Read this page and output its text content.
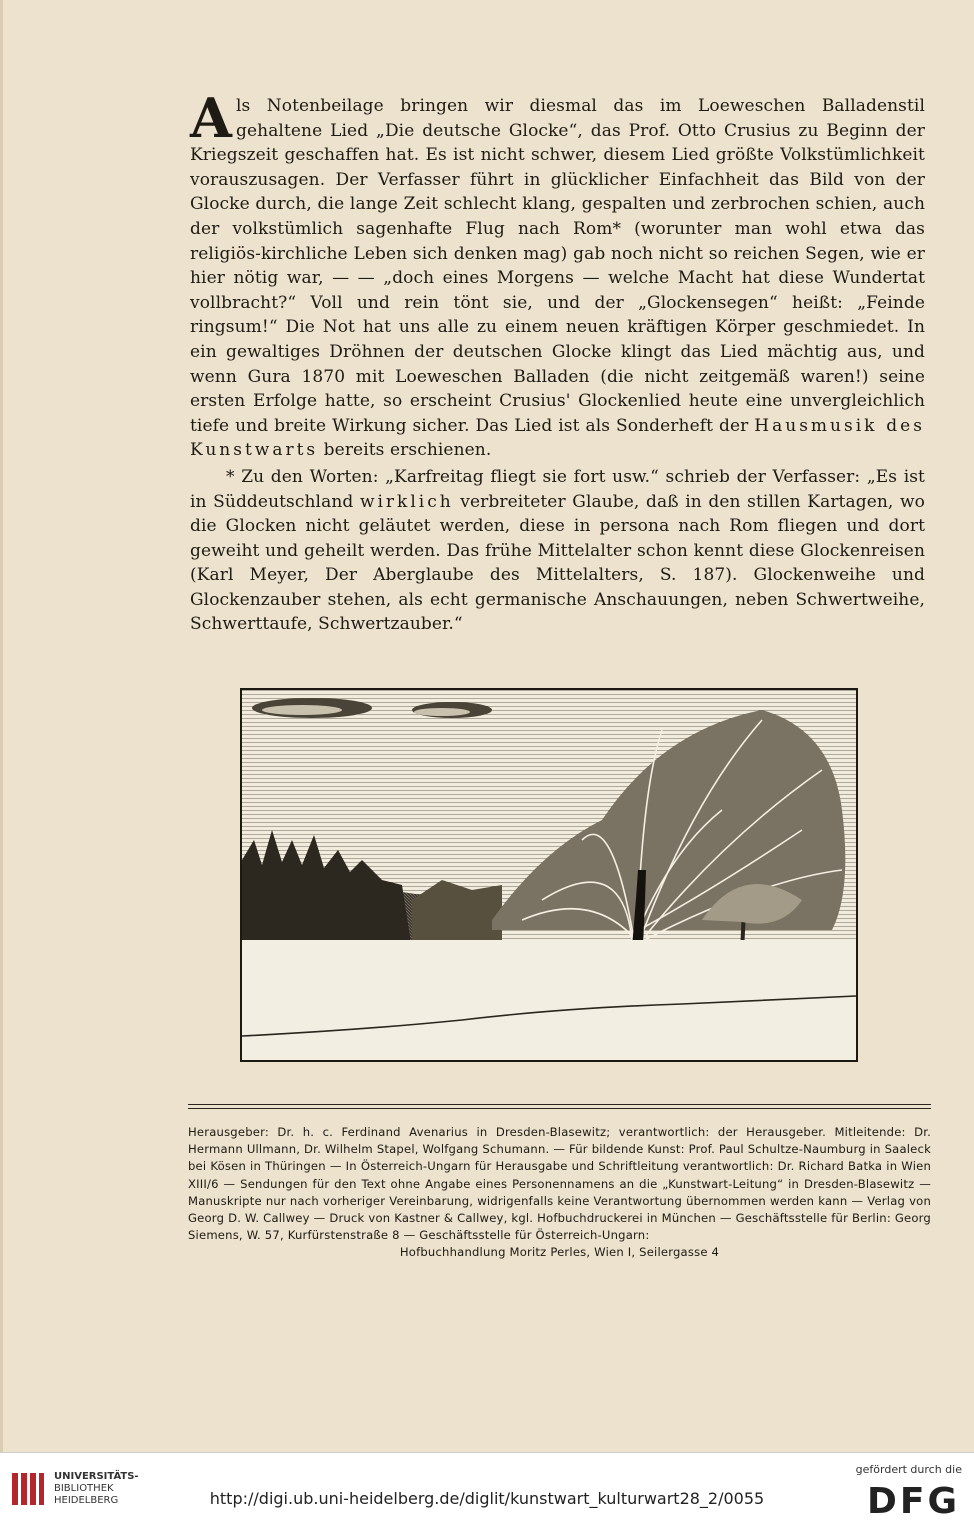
Als Notenbeilage bringen wir diesmal das im Loeweschen Balladenstil gehaltene Lied „Die deutsche Glocke“, das Prof. Otto Crusius zu Beginn der Kriegszeit geschaffen hat. Es ist nicht schwer, diesem Lied größte Volkstümlichkeit vorauszusagen. Der Verfasser führt in glücklicher Einfachheit das Bild von der Glocke durch, die lange Zeit schlecht klang, gespalten und zerbrochen schien, auch der volkstümlich sagenhafte Flug nach Rom* (worunter man wohl etwa das religiös-kirchliche Leben sich denken mag) gab noch nicht so reichen Segen, wie er hier nötig war, — — „doch eines Morgens — welche Macht hat diese Wundertat vollbracht?“ Voll und rein tönt sie, und der „Glockensegen“ heißt: „Feinde ringsum!“ Die Not hat uns alle zu einem neuen kräftigen Körper geschmiedet. In ein gewaltiges Dröhnen der deutschen Glocke klingt das Lied mächtig aus, und wenn Gura 1870 mit Loeweschen Balladen (die nicht zeitgemäß waren!) seine ersten Erfolge hatte, so erscheint Crusius' Glockenlied heute eine unvergleichlich tiefe und breite Wirkung sicher. Das Lied ist als Sonderheft der Hausmusik des Kunstwarts bereits erschienen.

* Zu den Worten: „Karfreitag fliegt sie fort usw.“ schrieb der Verfasser: „Es ist in Süddeutschland wirklich verbreiteter Glaube, daß in den stillen Kartagen, wo die Glocken nicht geläutet werden, diese in persona nach Rom fliegen und dort geweiht und geheilt werden. Das frühe Mittelalter schon kennt diese Glockenreisen (Karl Meyer, Der Aberglaube des Mittelalters, S. 187). Glockenweihe und Glockenzauber stehen, als echt germanische Anschauungen, neben Schwertweihe, Schwerttaufe, Schwertzauber.“

Herausgeber: Dr. h. c. Ferdinand Avenarius in Dresden-Blasewitz; verantwortlich: der Herausgeber. Mitleitende: Dr. Hermann Ullmann, Dr. Wilhelm Stapel, Wolfgang Schumann. — Für bildende Kunst: Prof. Paul Schultze-Naumburg in Saaleck bei Kösen in Thüringen — In Österreich-Ungarn für Herausgabe und Schriftleitung verantwortlich: Dr. Richard Batka in Wien XIII/6 — Sendungen für den Text ohne Angabe eines Personennamens an die „Kunstwart-Leitung“ in Dresden-Blasewitz — Manuskripte nur nach vorheriger Vereinbarung, widrigenfalls keine Verantwortung übernommen werden kann — Verlag von Georg D. W. Callwey — Druck von Kastner & Callwey, kgl. Hofbuchdruckerei in München — Geschäftsstelle für Berlin: Georg Siemens, W. 57, Kurfürstenstraße 8 — Geschäftsstelle für Österreich-Ungarn:

Hofbuchhandlung Moritz Perles, Wien I, Seilergasse 4

UNIVERSITÄTS-
BIBLIOTHEK
HEIDELBERG	http://digi.ub.uni-heidelberg.de/diglit/kunstwart_kulturwart28_2/0055
gefördert durch die
DFG
